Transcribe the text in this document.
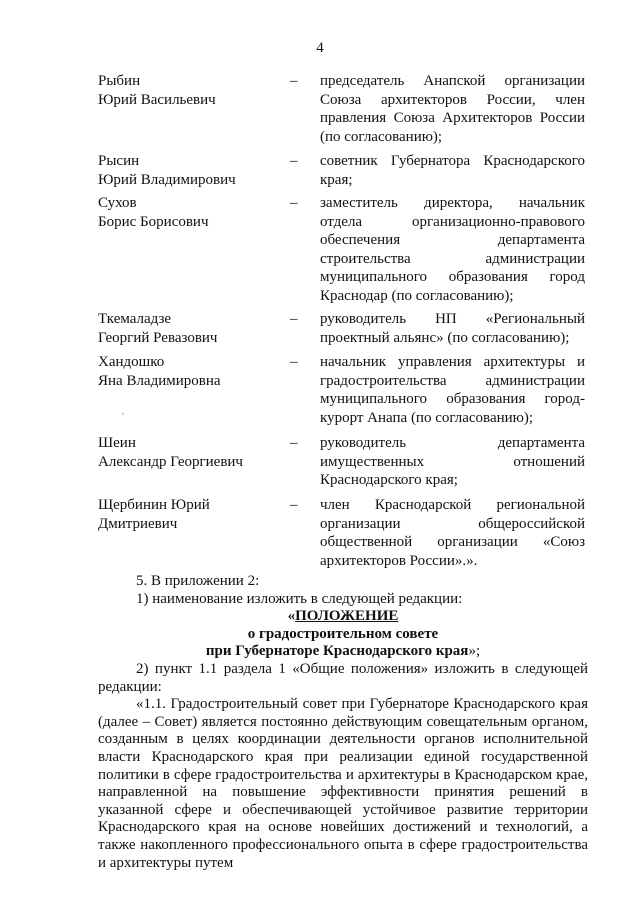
4
Рыбин
Юрий Васильевич
– председатель Анапской организации Союза архитекторов России, член правления Союза Архитекторов России (по согласованию);
Рысин
Юрий Владимирович
– советник Губернатора Краснодарского края;
Сухов
Борис Борисович
– заместитель директора, начальник отдела организационно-правового обеспечения департамента строительства администрации муниципального образования город Краснодар (по согласованию);
Ткемаладзе
Георгий Ревазович
– руководитель НП «Региональный проектный альянс» (по согласованию);
Хандошко
Яна Владимировна
– начальник управления архитектуры и градостроительства администрации муниципального образования город-курорт Анапа (по согласованию);
'
Шеин
Александр Георгиевич
– руководитель департамента имущественных отношений Краснодарского края;
Щербинин Юрий
Дмитриевич
– член Краснодарской региональной организации общероссийской общественной организации «Союз архитекторов России».».

5. В приложении 2:

1) наименование изложить в следующей редакции:

«ПОЛОЖЕНИЕ

о градостроительном совете

при Губернаторе Краснодарского края»;

2) пункт 1.1 раздела 1 «Общие положения» изложить в следующей редакции:

«1.1. Градостроительный совет при Губернаторе Краснодарского края (далее – Совет) является постоянно действующим совещательным органом, созданным в целях координации деятельности органов исполнительной власти Краснодарского края при реализации единой государственной политики в сфере градостроительства и архитектуры в Краснодарском крае, направленной на повышение эффективности принятия решений в указанной сфере и обеспечивающей устойчивое развитие территории Краснодарского края на основе новейших достижений и технологий, а также накопленного профессионального опыта в сфере градостроительства и архитектуры путем
